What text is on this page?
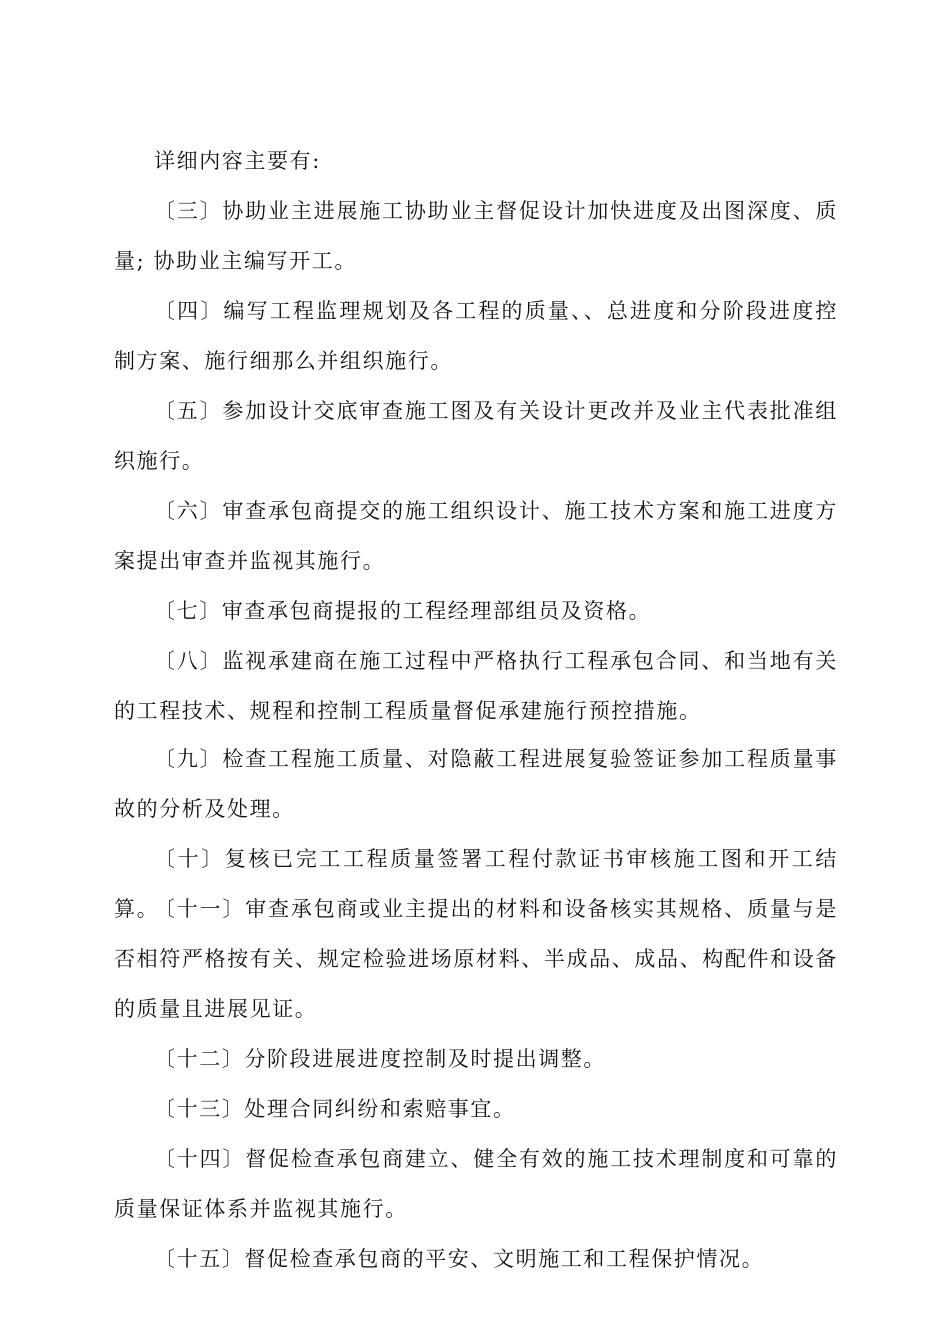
详细内容主要有:

〔三〕协助业主进展施工协助业主督促设计加快进度及出图深度、质量; 协助业主编写开工。

〔四〕编写工程监理规划及各工程的质量、、总进度和分阶段进度控制方案、施行细那么并组织施行。

〔五〕参加设计交底审查施工图及有关设计更改并及业主代表批准组织施行。

〔六〕审查承包商提交的施工组织设计、施工技术方案和施工进度方案提出审查并监视其施行。

〔七〕审查承包商提报的工程经理部组员及资格。

〔八〕监视承建商在施工过程中严格执行工程承包合同、和当地有关的工程技术、规程和控制工程质量督促承建施行预控措施。

〔九〕检查工程施工质量、对隐蔽工程进展复验签证参加工程质量事故的分析及处理。

〔十〕复核已完工工程质量签署工程付款证书审核施工图和开工结算。

〔十一〕审查承包商或业主提出的材料和设备核实其规格、质量与是否相符严格按有关、规定检验进场原材料、半成品、成品、构配件和设备的质量且进展见证。

〔十二〕分阶段进展进度控制及时提出调整。

〔十三〕处理合同纠纷和索赔事宜。

〔十四〕督促检查承包商建立、健全有效的施工技术理制度和可靠的质量保证体系并监视其施行。

〔十五〕督促检查承包商的平安、文明施工和工程保护情况。
